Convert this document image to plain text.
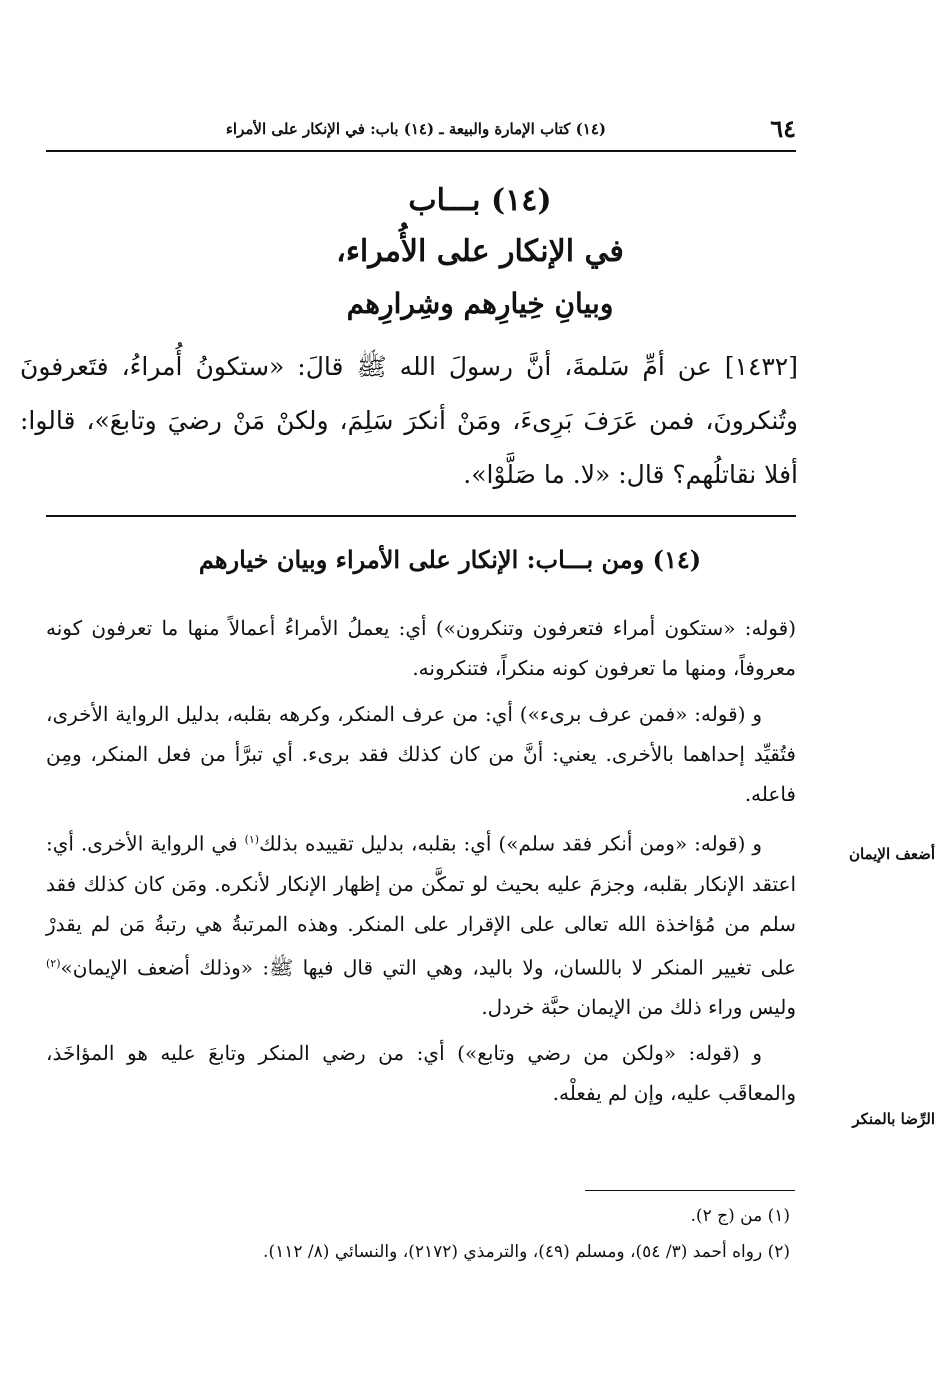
٦٤
(١٤) كتاب الإمارة والبيعة ـ (١٤) باب: في الإنكار على الأمراء
(١٤) بـــاب
في الإنكار على الأُمراء،
وبيانِ خِيارِهم وشِرارِهم
[١٤٣٢] عن أمِّ سَلمةَ، أنَّ رسولَ الله ﷺ قالَ: «ستكونُ أُمراءُ، فتَعرفونَ وتُنكرونَ، فمن عَرَفَ بَرِىءَ، ومَنْ أنكرَ سَلِمَ، ولكنْ مَنْ رضيَ وتابعَ»، قالوا: أفلا نقاتلُهم؟ قال: «لا. ما صَلَّوْا».
(١٤) ومن بـــاب: الإنكار على الأمراء وبيان خيارهم

(قوله: «ستكون أمراء فتعرفون وتنكرون») أي: يعملُ الأمراءُ أعمالاً منها ما تعرفون كونه معروفاً، ومنها ما تعرفون كونه منكراً، فتنكرونه.

و (قوله: «فمن عرف برىء») أي: من عرف المنكر، وكرهه بقلبه، بدليل الرواية الأخرى، فتُقيِّد إحداهما بالأخرى. يعني: أنَّ من كان كذلك فقد برىء. أي تبرَّأ من فعل المنكر، ومِن فاعله.

و (قوله: «ومن أنكر فقد سلم») أي: بقلبه، بدليل تقييده بذلك$^{(١)}$ في الرواية الأخرى. أي: اعتقد الإنكار بقلبه، وجزمَ عليه بحيث لو تمكَّن من إظهار الإنكار لأنكره. ومَن كان كذلك فقد سلم من مُؤاخذة الله تعالى على الإقرار على المنكر. وهذه المرتبةُ هي رتبةُ مَن لم يقدرْ على تغيير المنكر لا باللسان، ولا باليد، وهي التي قال فيها ﷺ: «وذلك أضعف الإيمان»$^{(٢)}$ وليس وراء ذلك من الإيمان حبَّة خردل.

و (قوله: «ولكن من رضي وتابع») أي: من رضي المنكر وتابعَ عليه هو المؤاخَذ، والمعاقَب عليه، وإن لم يفعلْه.

أضعف الإيمان
الرِّضا بالمنكر
(١) من (ج ٢).
(٢) رواه أحمد (٣/ ٥٤)، ومسلم (٤٩)، والترمذي (٢١٧٢)، والنسائي (٨/ ١١٢).
